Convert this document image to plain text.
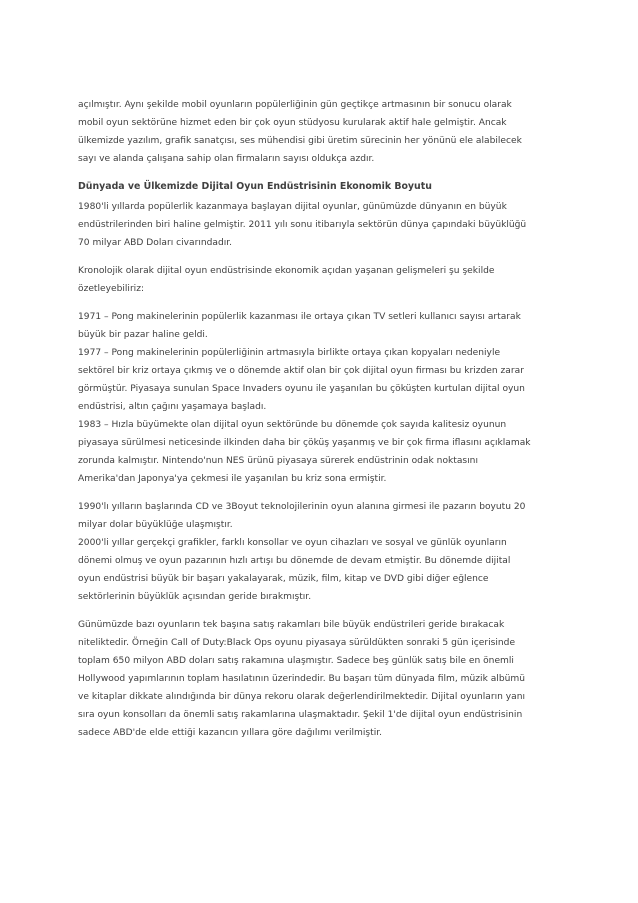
açılmıştır. Aynı şekilde mobil oyunların popülerliğinin gün geçtikçe artmasının bir sonucu olarak
mobil oyun sektörüne hizmet eden bir çok oyun stüdyosu kurularak aktif hale gelmiştir. Ancak
ülkemizde yazılım, grafik sanatçısı, ses mühendisi gibi üretim sürecinin her yönünü ele alabilecek
sayı ve alanda çalışana sahip olan firmaların sayısı oldukça azdır.

Dünyada ve Ülkemizde Dijital Oyun Endüstrisinin Ekonomik Boyutu

1980'li yıllarda popülerlik kazanmaya başlayan dijital oyunlar, günümüzde dünyanın en büyük
endüstrilerinden biri haline gelmiştir. 2011 yılı sonu itibarıyla sektörün dünya çapındaki büyüklüğü
70 milyar ABD Doları civarındadır.

Kronolojik olarak dijital oyun endüstrisinde ekonomik açıdan yaşanan gelişmeleri şu şekilde
özetleyebiliriz:

1971 – Pong makinelerinin popülerlik kazanması ile ortaya çıkan TV setleri kullanıcı sayısı artarak
büyük bir pazar haline geldi.
1977 – Pong makinelerinin popülerliğinin artmasıyla birlikte ortaya çıkan kopyaları nedeniyle
sektörel bir kriz ortaya çıkmış ve o dönemde aktif olan bir çok dijital oyun firması bu krizden zarar
görmüştür. Piyasaya sunulan Space Invaders oyunu ile yaşanılan bu çöküşten kurtulan dijital oyun
endüstrisi, altın çağını yaşamaya başladı.
1983 – Hızla büyümekte olan dijital oyun sektöründe bu dönemde çok sayıda kalitesiz oyunun
piyasaya sürülmesi neticesinde ilkinden daha bir çöküş yaşanmış ve bir çok firma iflasını açıklamak
zorunda kalmıştır. Nintendo'nun NES ürünü piyasaya sürerek endüstrinin odak noktasını
Amerika'dan Japonya'ya çekmesi ile yaşanılan bu kriz sona ermiştir.

1990'lı yılların başlarında CD ve 3Boyut teknolojilerinin oyun alanına girmesi ile pazarın boyutu 20
milyar dolar büyüklüğe ulaşmıştır.
2000'li yıllar gerçekçi grafikler, farklı konsollar ve oyun cihazları ve sosyal ve günlük oyunların
dönemi olmuş ve oyun pazarının hızlı artışı bu dönemde de devam etmiştir. Bu dönemde dijital
oyun endüstrisi büyük bir başarı yakalayarak, müzik, film, kitap ve DVD gibi diğer eğlence
sektörlerinin büyüklük açısından geride bırakmıştır.

Günümüzde bazı oyunların tek başına satış rakamları bile büyük endüstrileri geride bırakacak
niteliktedir. Örneğin Call of Duty:Black Ops oyunu piyasaya sürüldükten sonraki 5 gün içerisinde
toplam 650 milyon ABD doları satış rakamına ulaşmıştır. Sadece beş günlük satış bile en önemli
Hollywood yapımlarının toplam hasılatının üzerindedir. Bu başarı tüm dünyada film, müzik albümü
ve kitaplar dikkate alındığında bir dünya rekoru olarak değerlendirilmektedir. Dijital oyunların yanı
sıra oyun konsolları da önemli satış rakamlarına ulaşmaktadır. Şekil 1'de dijital oyun endüstrisinin
sadece ABD'de elde ettiği kazancın yıllara göre dağılımı verilmiştir.
